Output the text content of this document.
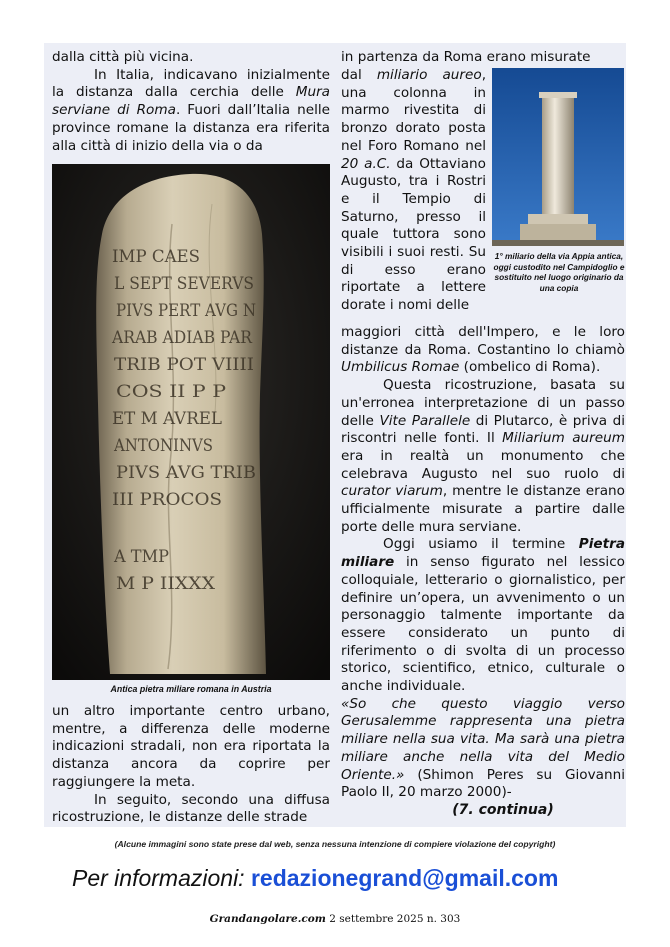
dalla città più vicina.

In Italia, indicavano inizialmente la distanza dalla cerchia delle Mura serviane di Roma. Fuori dall’Italia nelle province romane la distanza era riferita alla città di inizio della via o da

IMP CAES
L SEPT SEVERVS
PIVS PERT AVG N
ARAB ADIAB PAR
TRIB POT VIIII
COS II P P
ET M AVREL
ANTONINVS
PIVS AVG TRIB
III PROCOS
A TMP
M P IIXXX
Antica pietra miliare romana in Austria

un altro importante centro urbano, mentre, a differenza delle moderne indicazioni stradali, non era riportata la distanza ancora da coprire per raggiungere la meta.

In seguito, secondo una diffusa ricostruzione, le distanze delle strade

in partenza da Roma erano misurate

dal miliario aureo, una colonna in marmo rivestita di bronzo dorato posta nel Foro Romano nel 20 a.C. da Ottaviano Augusto, tra i Rostri e il Tempio di Saturno, presso il quale tuttora sono visibili i suoi resti. Su di esso erano riportate a lettere dorate i nomi delle

1° miliario della via Appia antica, oggi custodito nel Campidoglio e sostituito nel luogo originario da una copia

maggiori città dell'Impero, e le loro distanze da Roma. Costantino lo chiamò Umbilicus Romae (ombelico di Roma).

Questa ricostruzione, basata su un'erronea interpretazione di un passo delle Vite Parallele di Plutarco, è priva di riscontri nelle fonti. Il Miliarium aureum era in realtà un monumento che celebrava Augusto nel suo ruolo di curator viarum, mentre le distanze erano ufficialmente misurate a partire dalle porte delle mura serviane.

Oggi usiamo il termine Pietra miliare in senso figurato nel lessico colloquiale, letterario o giornalistico, per definire un’opera, un avvenimento o un personaggio talmente importante da essere considerato un punto di riferimento o di svolta di un processo storico, scientifico, etnico, culturale o anche individuale.

«So che questo viaggio verso Gerusalemme rappresenta una pietra miliare nella sua vita. Ma sarà una pietra miliare anche nella vita del Medio Oriente.» (Shimon Peres su Giovanni Paolo II, 20 marzo 2000)-

(7. continua)

(Alcune immagini sono state prese dal web, senza nessuna intenzione di compiere violazione del copyright)
Per informazioni: redazionegrand@gmail.com
Grandangolare.com 2 settembre 2025 n. 303
